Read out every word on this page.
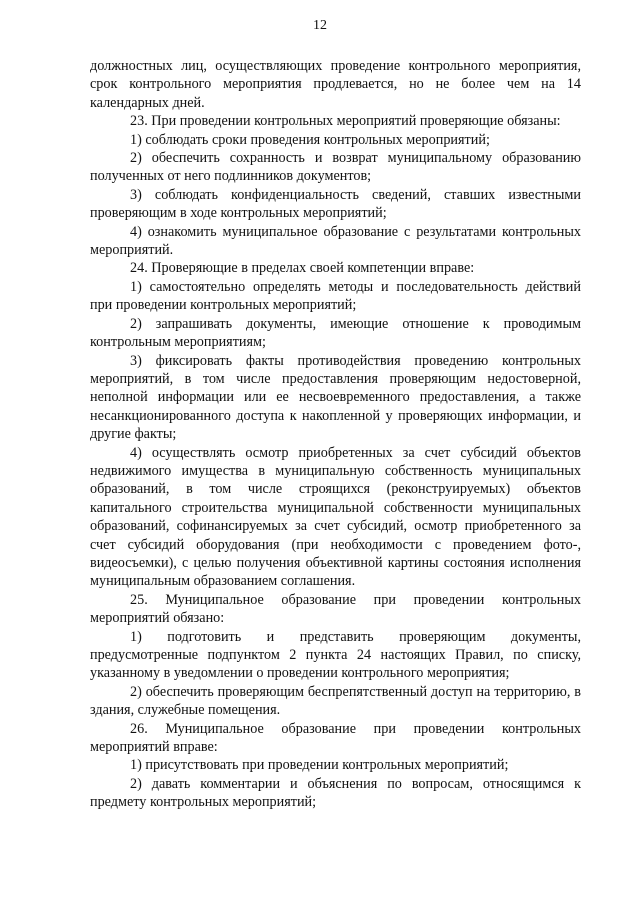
12

должностных лиц, осуществляющих проведение контрольного мероприятия, срок контрольного мероприятия продлевается, но не более чем на 14 календарных дней.

23. При проведении контрольных мероприятий проверяющие обязаны:

1) соблюдать сроки проведения контрольных мероприятий;

2) обеспечить сохранность и возврат муниципальному образованию полученных от него подлинников документов;

3) соблюдать конфиденциальность сведений, ставших известными проверяющим в ходе контрольных мероприятий;

4) ознакомить муниципальное образование с результатами контрольных мероприятий.

24. Проверяющие в пределах своей компетенции вправе:

1) самостоятельно определять методы и последовательность действий при проведении контрольных мероприятий;

2) запрашивать документы, имеющие отношение к проводимым контрольным мероприятиям;

3) фиксировать факты противодействия проведению контрольных мероприятий, в том числе предоставления проверяющим недостоверной, неполной информации или ее несвоевременного предоставления, а также несанкционированного доступа к накопленной у проверяющих информации, и другие факты;

4) осуществлять осмотр приобретенных за счет субсидий объектов недвижимого имущества в муниципальную собственность муниципальных образований, в том числе строящихся (реконструируемых) объектов капитального строительства муниципальной собственности муниципальных образований, софинансируемых за счет субсидий, осмотр приобретенного за счет субсидий оборудования (при необходимости с проведением фото-, видеосъемки), с целью получения объективной картины состояния исполнения муниципальным образованием соглашения.

25. Муниципальное образование при проведении контрольных мероприятий обязано:

1) подготовить и представить проверяющим документы, предусмотренные подпунктом 2 пункта 24 настоящих Правил, по списку, указанному в уведомлении о проведении контрольного мероприятия;

2) обеспечить проверяющим беспрепятственный доступ на территорию, в здания, служебные помещения.

26. Муниципальное образование при проведении контрольных мероприятий вправе:

1) присутствовать при проведении контрольных мероприятий;

2) давать комментарии и объяснения по вопросам, относящимся к предмету контрольных мероприятий;
